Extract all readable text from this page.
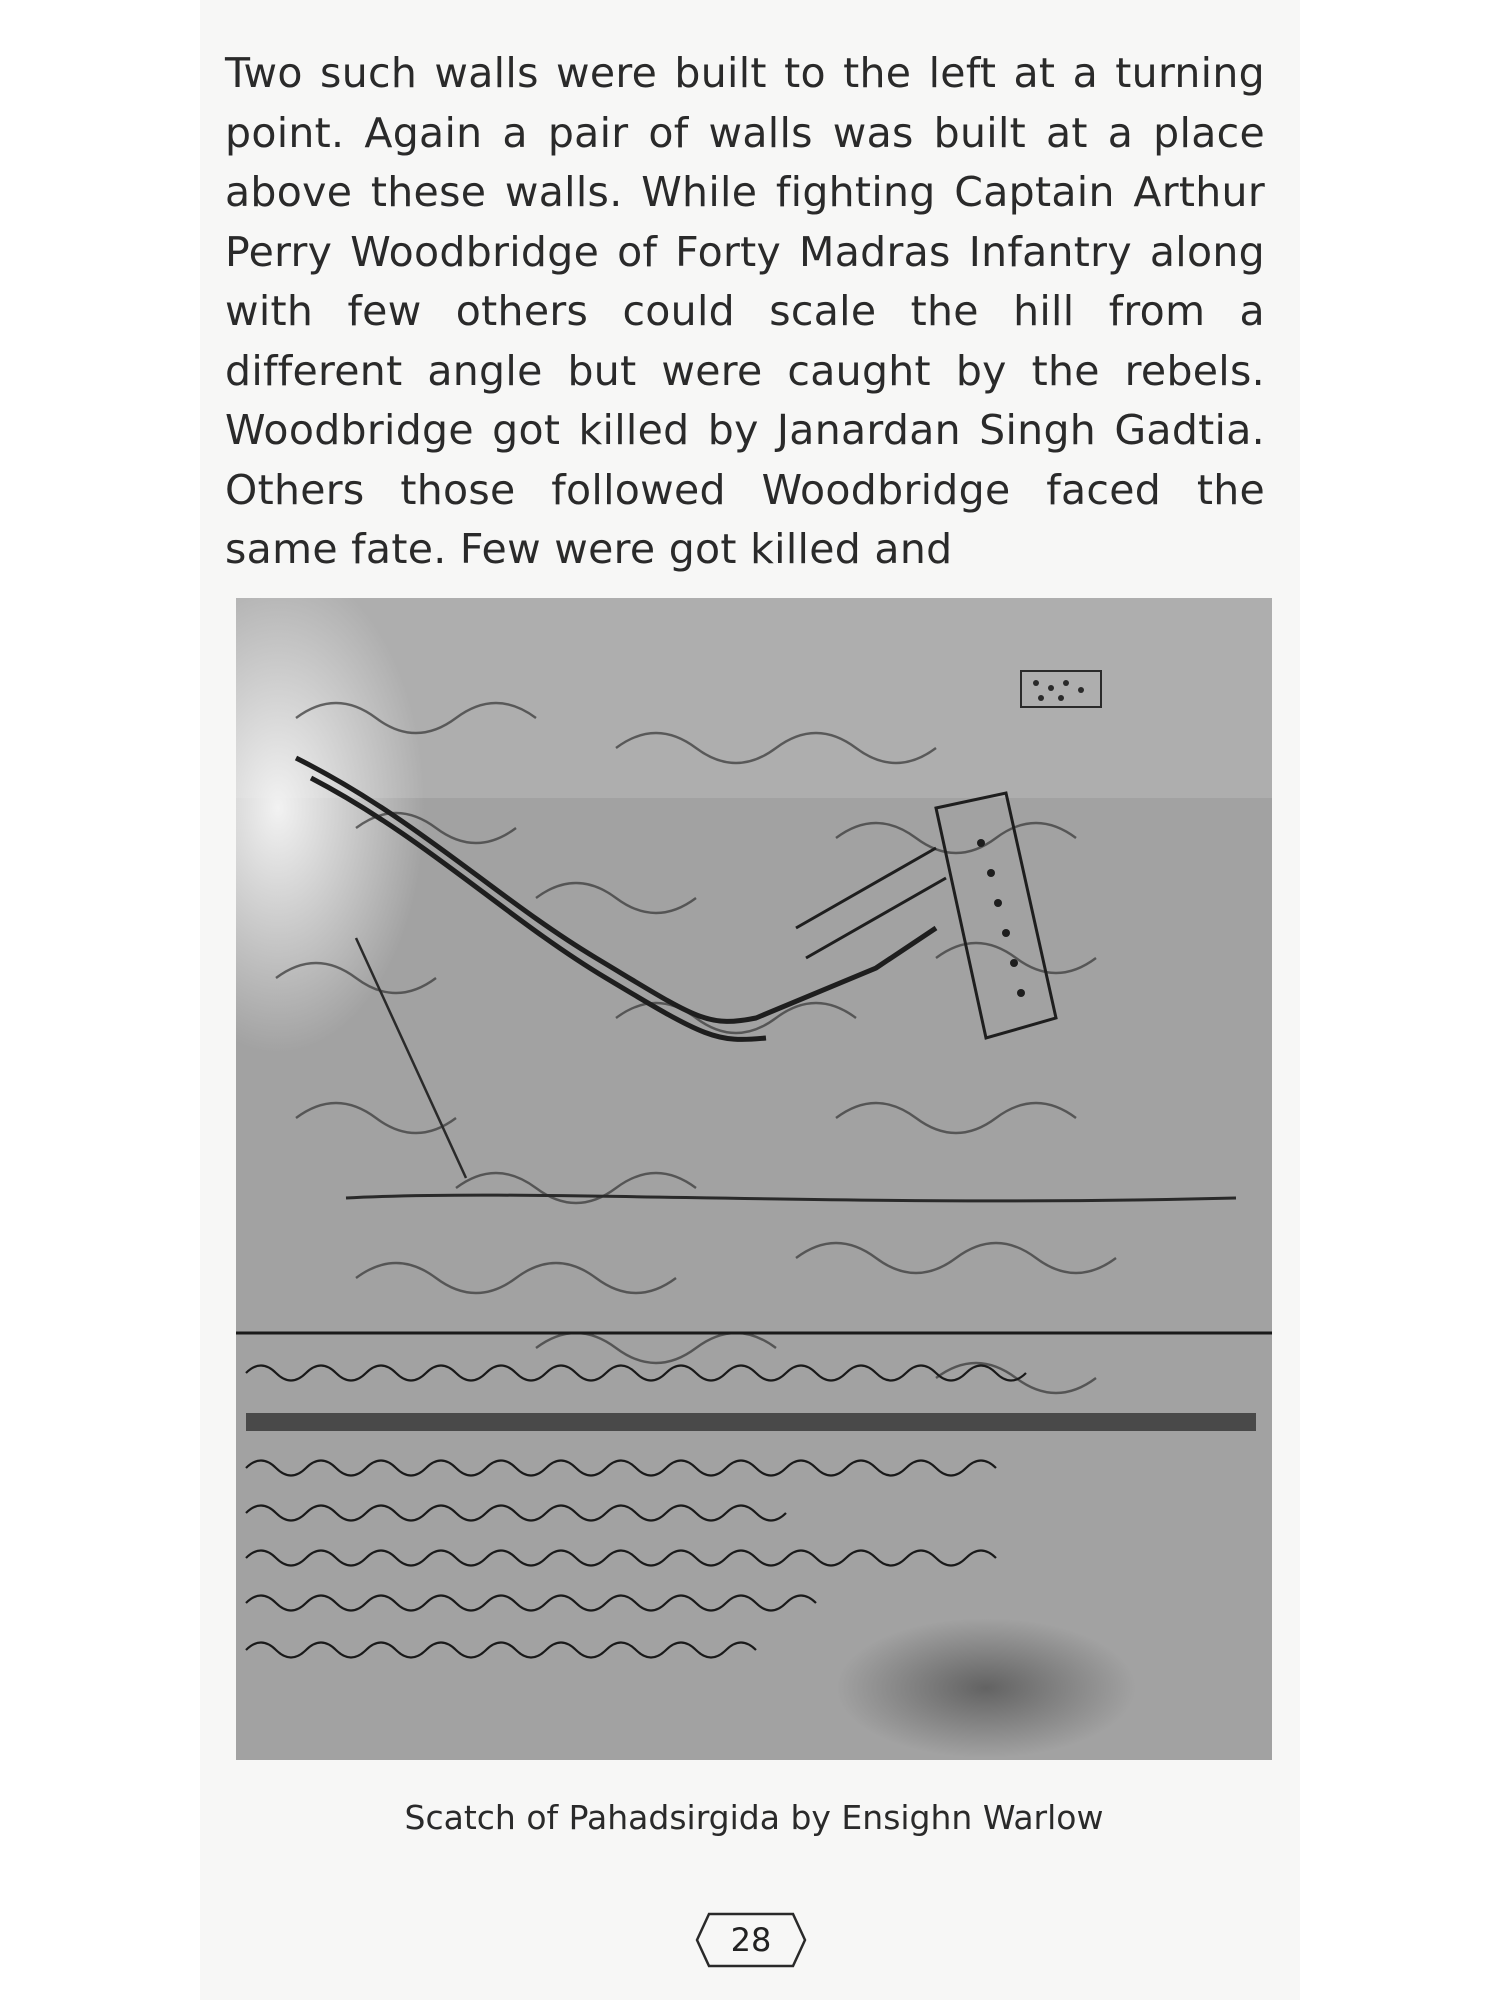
Two such walls were built to the left at a turning point. Again a pair of walls was built at a place above these walls. While fighting Captain Arthur Perry Woodbridge of Forty Madras Infantry along with few others could scale the hill from a different angle but were caught by the rebels. Woodbridge got killed by Janardan Singh Gadtia. Others those followed Woodbridge faced the same fate. Few were got killed and

Scatch of Pahadsirgida by Ensighn Warlow

28
